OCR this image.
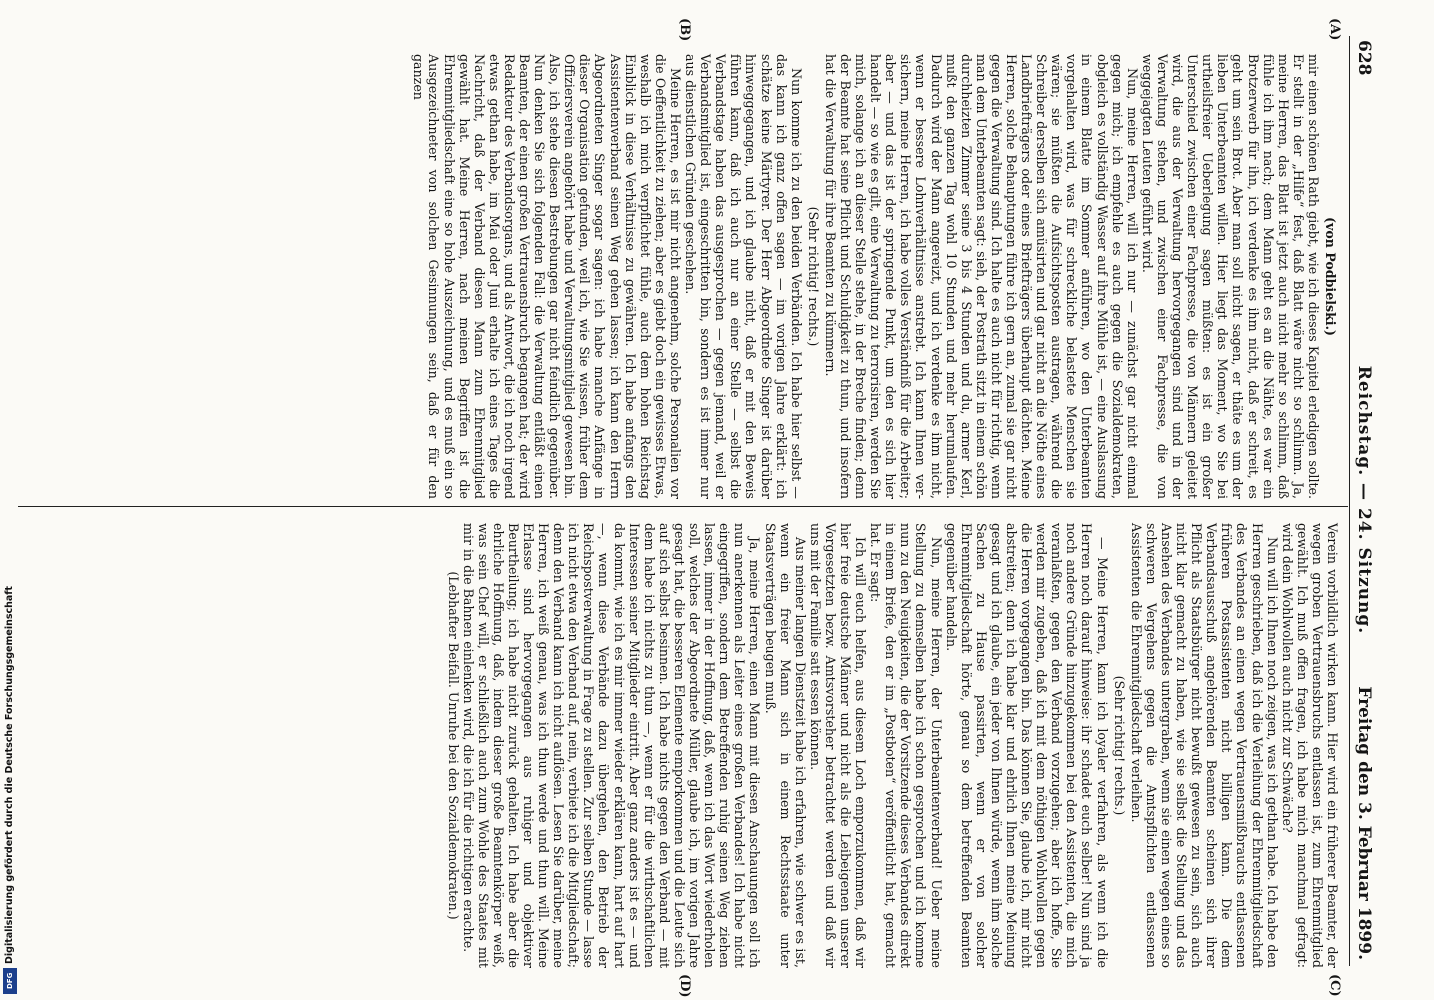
628
Reichstag. — 24. Sitzung.
Freitag den 3. Februar 1899.
(A)
(B)
(C)
(D)

(von Podbielski.)

mir einen schönen Rath giebt, wie ich dieses Kapitel erledigen sollte. Er stellt in der „Hilfe“ fest, daß Blatt wäre nicht so schlimm. Ja, meine Herren, das Blatt ist jetzt auch nicht mehr so schlimm, daß fühle ich ihm nach; dem Mann geht es an die Nähte, es war ein Brotzerwerb für ihn, ich verdenke es ihm nicht, daß er schreit, es geht um sein Brot. Aber man soll nicht sagen, er thäte es um der lieben Unterbeamten willen. Hier liegt das Moment, wo Sie bei urtheilsfreier Ueberlegung sagen müßten: es ist ein großer Unterschied zwischen einer Fachpresse, die von Männern geleitet wird, die aus der Verwaltung hervorgegangen sind und in der Verwaltung stehen, und zwischen einer Fachpresse, die von weggejagten Leuten geführt wird.

Nun, meine Herren, will ich nur — zunächst gar nicht einmal gegen mich; ich empfehle es auch gegen die Sozialdemokraten, obgleich es vollständig Wasser auf ihre Mühle ist, — eine Auslassung in einem Blatte im Sommer anführen, wo den Unterbeamten vorgehalten wird, was für schreckliche belastete Menschen sie wären; sie müßten die Aufsichtsposten austragen, während die Schreiber derselben sich amüsirten und gar nicht an die Nöthe eines Landbriefträgers oder eines Briefträgers überhaupt dächten. Meine Herren, solche Behauptungen führe ich gern an, zumal sie gar nicht gegen die Verwaltung sind. Ich halte es auch nicht für richtig, wenn man dem Unterbeamten sagt: sieh, der Postrath sitzt in einem schön durchheizten Zimmer seine 3 bis 4 Stunden und du, armer Kerl, mußt den ganzen Tag wohl 10 Stunden und mehr herumlaufen. Dadurch wird der Mann angereizt, und ich verdenke es ihm nicht, wenn er bessere Lohnverhältnisse anstrebt. Ich kann Ihnen versichern, meine Herren, ich habe volles Verständniß für die Arbeiter; aber — und das ist der springende Punkt, um den es sich hier handelt — so wie es gilt, eine Verwaltung zu terrorisiren, werden Sie mich, solange ich an dieser Stelle stehe, in der Breche finden; denn der Beamte hat seine Pflicht und Schuldigkeit zu thun, und insofern hat die Verwaltung für ihre Beamten zu kümmern.

(Sehr richtig! rechts.)

Nun komme ich zu den beiden Verbänden. Ich habe hier selbst — das kann ich ganz offen sagen — im vorigen Jahre erklärt: ich schätze keine Märtyrer. Der Herr Abgeordnete Singer ist darüber hinweggegangen, und ich glaube nicht, daß er mit den Beweis führen kann, daß ich auch nur an einer Stelle — selbst die Verbandstage haben das ausgesprochen — gegen jemand, weil er Verbandsmitglied ist, eingeschritten bin, sondern es ist immer nur aus dienstlichen Gründen geschehen.

Meine Herren, es ist mir nicht angenehm, solche Personalien vor die Oeffentlichkeit zu ziehen; aber es giebt doch ein gewisses Etwas, weshalb ich mich verpflichtet fühle, auch dem hohen Reichstag Einblick in diese Verhältnisse zu gewähren. Ich habe anfangs den Assistentenverband seinen Weg gehen lassen; ich kann den Herrn Abgeordneten Singer sogar sagen: ich habe manche Anfänge in dieser Organisation gefunden, weil ich, wie Sie wissen, früher dem Offiziersverein angehört habe und Verwaltungsmitglied gewesen bin. Also, ich stehe diesen Bestrebungen gar nicht feindlich gegenüber. Nun denken Sie sich folgenden Fall: die Verwaltung entläßt einen Beamten, der einen großen Vertrauensbruch begangen hat; der wird Redakteur des Verbandsorgans, und als Antwort, die ich noch irgend etwas gethan habe, im Mai oder Juni erhalte ich eines Tages die Nachricht, daß der Verband diesen Mann zum Ehrenmitglied gewählt hat. Meine Herren, nach meinen Begriffen ist die Ehrenmitgliedschaft eine so hohe Auszeichnung, und es muß ein so Ausgezeichneter von solchen Gesinnungen sein, daß er für den ganzen

Verein vorbildlich wirken kann. Hier wird ein früherer Beamter, der wegen groben Vertrauensbruchs entlassen ist, zum Ehrenmitglied gewählt. Ich muß offen fragen, ich habe mich manchmal gefragt: wird dein Wohlwollen auch nicht zur Schwäche?

Nun will ich Ihnen noch zeigen, was ich gethan habe. Ich habe den Herren geschrieben, daß ich die Verleihung der Ehrenmitgliedschaft des Verbandes an einen wegen Vertrauensmißbrauchs entlassenen früheren Postassistenten nicht billigen kann. Die dem Verbandsausschuß angehörenden Beamten scheinen sich ihrer Pflicht als Staatsbürger nicht bewußt gewesen zu sein, sich auch nicht klar gemacht zu haben, wie sie selbst die Stellung und das Ansehen des Verbandes untergraben, wenn sie einen wegen eines so schweren Vergehens gegen die Amtspflichten entlassenen Assistenten die Ehrenmitgliedschaft verleihen.

(Sehr richtig! rechts.)

— Meine Herren, kann ich loyaler verfahren, als wenn ich die Herren noch darauf hinweise: ihr schadet euch selber! Nun sind ja noch andere Gründe hinzugekommen bei den Assistenten, die mich veranlaßten, gegen den Verband vorzugehen; aber ich hoffe, Sie werden mir zugeben, daß ich mit dem nöthigen Wohlwollen gegen die Herren vorgegangen bin. Das können Sie, glaube ich, mir nicht abstreiten; denn ich habe klar und ehrlich Ihnen meine Meinung gesagt und ich glaube, ein jeder von Ihnen würde, wenn ihm solche Sachen zu Hause passirten, wenn er von solcher Ehrenmitgliedschaft hörte, genau so dem betreffenden Beamten gegenüber handeln.

Nun, meine Herren, der Unterbeamtenverband! Ueber meine Stellung zu demselben habe ich schon gesprochen und ich komme nun zu den Neuigkeiten, die der Vorsitzende dieses Verbandes direkt in einem Briefe, den er im „Postboten“ veröffentlicht hat, gemacht hat. Er sagt:

Ich will euch helfen, aus diesem Loch emporzukommen, daß wir hier freie deutsche Männer und nicht als die Leibeigenen unserer Vorgesetzten bezw. Amtsvorsteher betrachtet werden und daß wir uns mit der Familie satt essen können.

Aus meiner langen Dienstzeit habe ich erfahren, wie schwer es ist, wenn ein freier Mann sich in einem Rechtsstaate unter Staatsverträgen beugen muß.

Ja, meine Herren, einen Mann mit diesen Anschauungen soll ich nun anerkennen als Leiter eines großen Verbandes! Ich habe nicht eingegriffen, sondern dem Betreffenden ruhig seinen Weg ziehen lassen, immer in der Hoffnung, daß, wenn ich das Wort wiederholen soll, welches der Abgeordnete Müller, glaube ich, im vorigen Jahre gesagt hat, die besseren Elemente emporkommen und die Leute sich auf sich selbst besinnen. Ich habe nichts gegen den Verband — mit dem habe ich nichts zu thun —, wenn er für die wirthschaftlichen Interessen seiner Mitglieder eintritt. Aber ganz anders ist es — und da kommt, wie ich es mir immer wieder erklären kann, hart auf hart —, wenn diese Verbände dazu übergehen, den Betrieb der Reichspostverwaltung in Frage zu stellen. Zur selben Stunde — lasse ich nicht etwa den Verband auf, nein, verbiete ich die Mitgliedschaft; denn den Verband kann ich nicht auflösen. Lesen Sie darüber, meine Herren, ich weiß genau, was ich thun werde und thun will. Meine Erlasse sind hervorgegangen aus ruhiger und objektiver Beurtheilung; ich habe nicht zurück gehalten. Ich habe aber die ehrliche Hoffnung, daß, indem dieser große Beamtenkörper weiß, was sein Chef will, er schließlich auch zum Wohle des Staates mit mir in die Bahnen einlenken wird, die ich für die richtigen erachte.

(Lebhafter Beifall. Unruhe bei den Sozialdemokraten.)

Digitalisierung gefördert durch die Deutsche Forschungsgemeinschaft
DFG
